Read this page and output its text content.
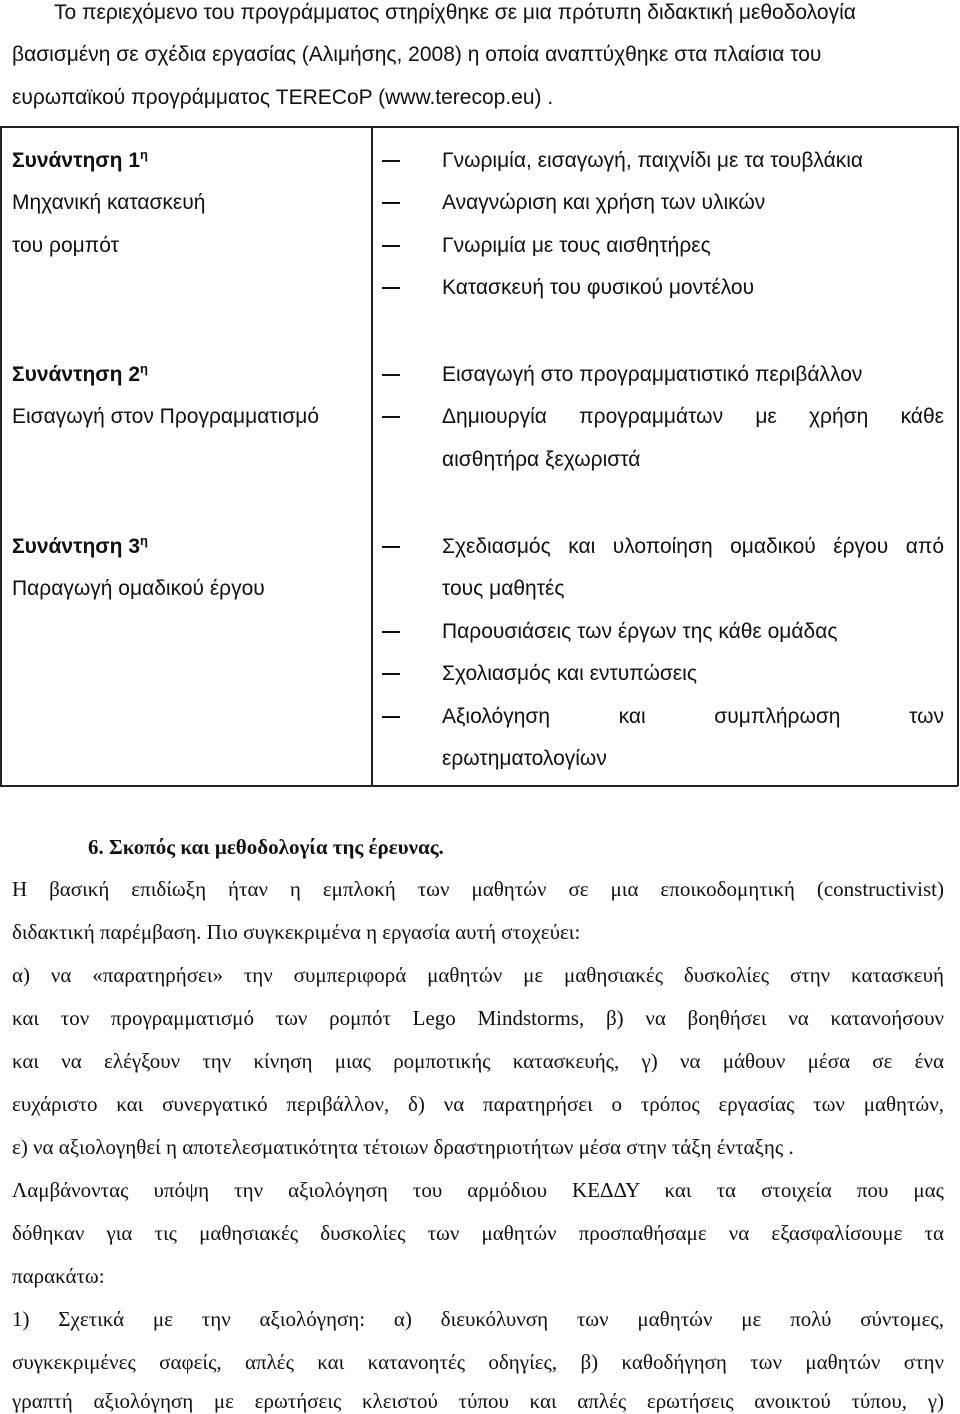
Το περιεχόμενο του προγράμματος στηρίχθηκε σε μια πρότυπη διδακτική μεθοδολογία
βασισμένη σε σχέδια εργασίας (Αλιμήσης, 2008) η οποία αναπτύχθηκε στα πλαίσια του
ευρωπαϊκού προγράμματος TERECoP (www.terecop.eu) .
Συνάντηση $1^\eta$
Μηχανική κατασκευή
του ρομπότ
Γνωριμία, εισαγωγή, παιχνίδι με τα τουβλάκια
Αναγνώριση και χρήση των υλικών
Γνωριμία με τους αισθητήρες
Κατασκευή του φυσικού μοντέλου
Συνάντηση $2^\eta$
Εισαγωγή στον Προγραμματισμό
Εισαγωγή στο προγραμματιστικό περιβάλλον
Δημιουργία προγραμμάτων με χρήση κάθε
αισθητήρα ξεχωριστά
Συνάντηση $3^\eta$
Παραγωγή ομαδικού έργου
Σχεδιασμός και υλοποίηση ομαδικού έργου από
τους μαθητές
Παρουσιάσεις των έργων της κάθε ομάδας
Σχολιασμός και εντυπώσεις
Αξιολόγηση και συμπλήρωση των
ερωτηματολογίων
6. Σκοπός και μεθοδολογία της έρευνας.
Η βασική επιδίωξη ήταν η εμπλοκή των μαθητών σε μια εποικοδομητική (constructivist)
διδακτική παρέμβαση. Πιο συγκεκριμένα η εργασία αυτή στοχεύει:
α) να «παρατηρήσει» την συμπεριφορά μαθητών με μαθησιακές δυσκολίες στην κατασκευή
και τον προγραμματισμό των ρομπότ Lego Mindstorms, β) να βοηθήσει να κατανοήσουν
και να ελέγξουν την κίνηση μιας ρομποτικής κατασκευής, γ) να μάθουν μέσα σε ένα
ευχάριστο και συνεργατικό περιβάλλον, δ) να παρατηρήσει ο τρόπος εργασίας των μαθητών,
ε) να αξιολογηθεί η αποτελεσματικότητα τέτοιων δραστηριοτήτων μέσα στην τάξη ένταξης .
Λαμβάνοντας υπόψη την αξιολόγηση του αρμόδιου ΚΕΔΔΥ και τα στοιχεία που μας
δόθηκαν για τις μαθησιακές δυσκολίες των μαθητών προσπαθήσαμε να εξασφαλίσουμε τα
παρακάτω:
1) Σχετικά με την αξιολόγηση: α) διευκόλυνση των μαθητών με πολύ σύντομες,
συγκεκριμένες σαφείς, απλές και κατανοητές οδηγίες, β) καθοδήγηση των μαθητών στην
γραπτή αξιολόγηση με ερωτήσεις κλειστού τύπου και απλές ερωτήσεις ανοικτού τύπου, γ)
